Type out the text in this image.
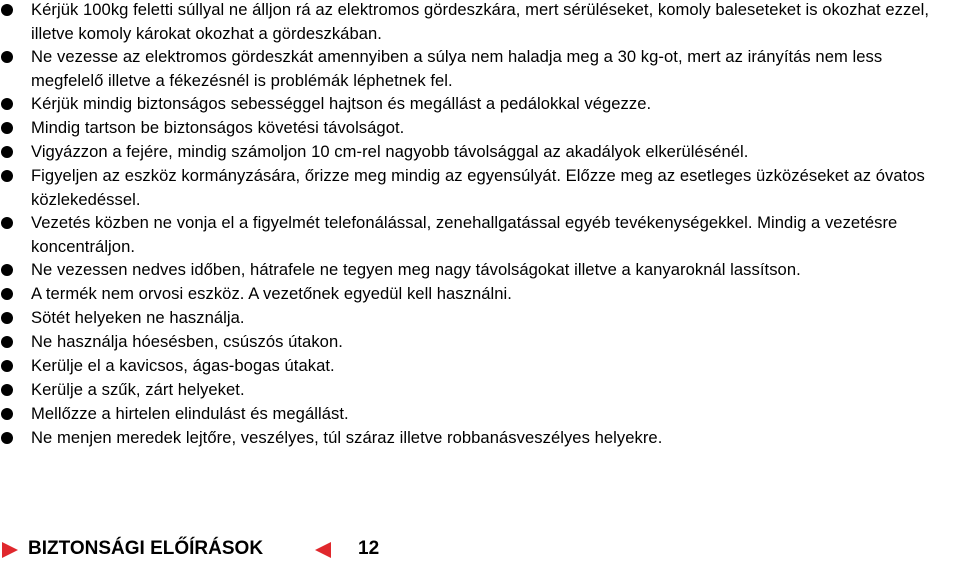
Kérjük 100kg feletti súllyal ne álljon rá az elektromos gördeszkára, mert sérüléseket, komoly baleseteket is okozhat ezzel, illetve komoly károkat okozhat a gördeszkában.
Ne vezesse az elektromos gördeszkát amennyiben a súlya nem haladja meg a 30 kg-ot, mert az irányítás nem less megfelelő illetve a fékezésnél is problémák léphetnek fel.
Kérjük mindig biztonságos sebességgel hajtson és megállást a pedálokkal végezze.
Mindig tartson be biztonságos követési távolságot.
Vigyázzon a fejére, mindig számoljon 10 cm-rel nagyobb távolsággal az akadályok elkerülésénél.
Figyeljen az eszköz kormányzására, őrizze meg mindig az egyensúlyát. Előzze meg az esetleges üzközéseket az óvatos közlekedéssel.
Vezetés közben ne vonja el a figyelmét telefonálással, zenehallgatással egyéb tevékenységekkel. Mindig a vezetésre koncentráljon.
Ne vezessen nedves időben, hátrafele ne tegyen meg nagy távolságokat illetve a kanyaroknál lassítson.
A termék nem orvosi eszköz. A vezetőnek egyedül kell használni.
Sötét helyeken ne használja.
Ne használja hóesésben, csúszós útakon.
Kerülje el a kavicsos, ágas-bogas útakat.
Kerülje a szűk, zárt helyeket.
Mellőzze a hirtelen elindulást és megállást.
Ne menjen meredek lejtőre, veszélyes, túl száraz illetve robbanásveszélyes helyekre.
BIZTONSÁGI ELŐÍRÁSOK	12
